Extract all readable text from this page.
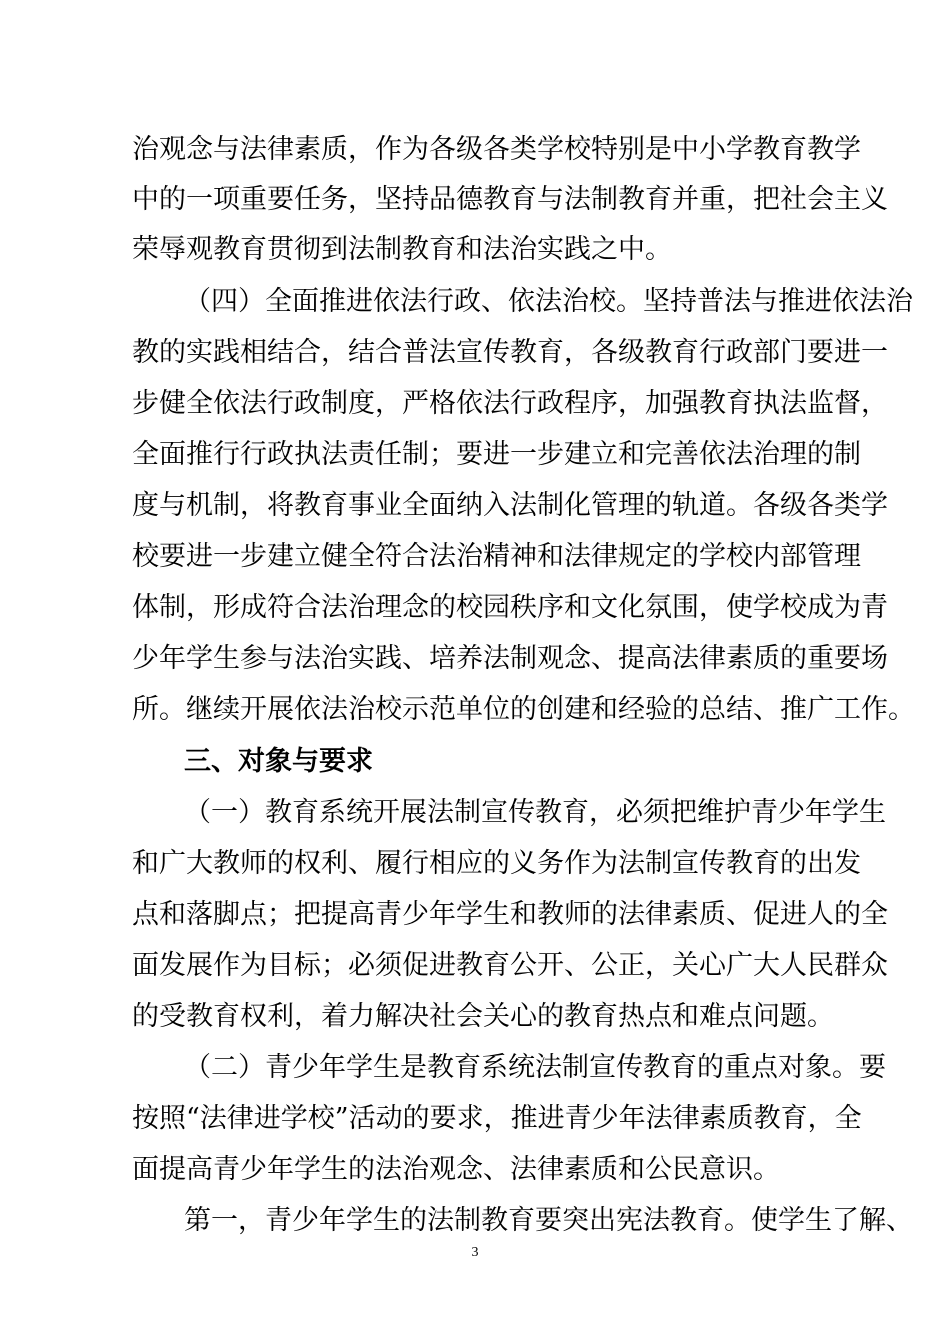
治观念与法律素质，作为各级各类学校特别是中小学教育教学
中的一项重要任务，坚持品德教育与法制教育并重，把社会主义
荣辱观教育贯彻到法制教育和法治实践之中。
（四）全面推进依法行政、依法治校。坚持普法与推进依法治
教的实践相结合，结合普法宣传教育，各级教育行政部门要进一
步健全依法行政制度，严格依法行政程序，加强教育执法监督，
全面推行行政执法责任制；要进一步建立和完善依法治理的制
度与机制，将教育事业全面纳入法制化管理的轨道。各级各类学
校要进一步建立健全符合法治精神和法律规定的学校内部管理
体制，形成符合法治理念的校园秩序和文化氛围，使学校成为青
少年学生参与法治实践、培养法制观念、提高法律素质的重要场
所。继续开展依法治校示范单位的创建和经验的总结、推广工作。
三、对象与要求
（一）教育系统开展法制宣传教育，必须把维护青少年学生
和广大教师的权利、履行相应的义务作为法制宣传教育的出发
点和落脚点；把提高青少年学生和教师的法律素质、促进人的全
面发展作为目标；必须促进教育公开、公正，关心广大人民群众
的受教育权利，着力解决社会关心的教育热点和难点问题。
（二）青少年学生是教育系统法制宣传教育的重点对象。要
按照“法律进学校”活动的要求，推进青少年法律素质教育，全
面提高青少年学生的法治观念、法律素质和公民意识。
第一，青少年学生的法制教育要突出宪法教育。使学生了解、
3
